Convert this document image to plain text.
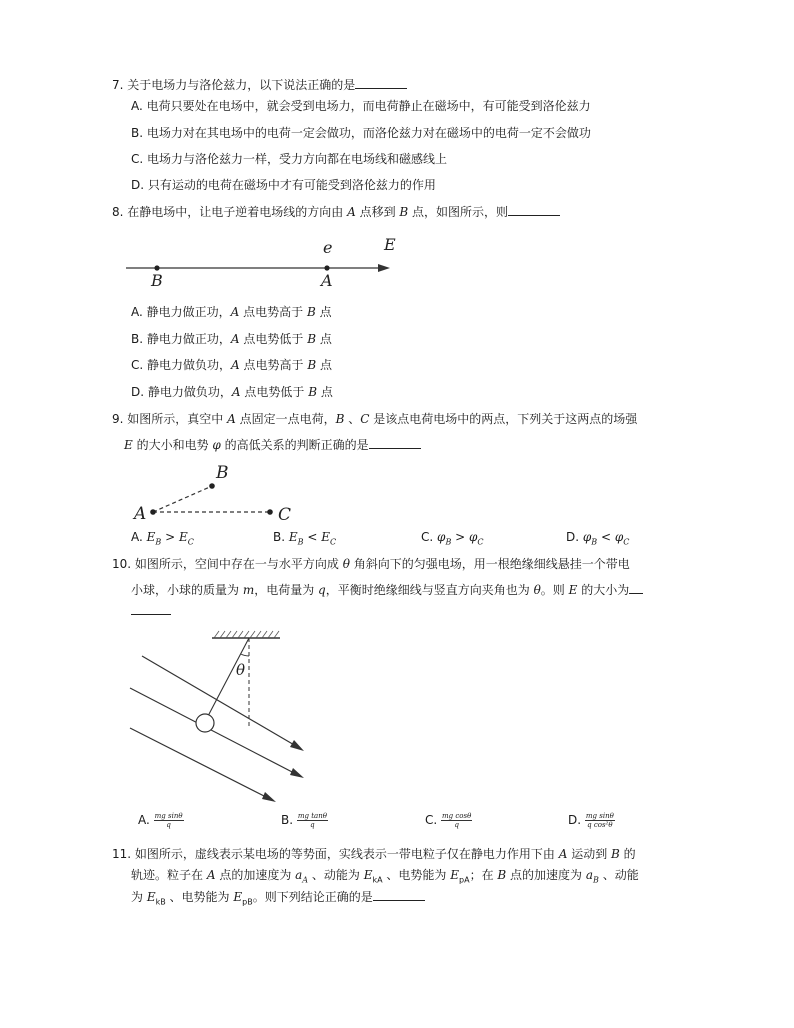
7. 关于电场力与洛伦兹力，以下说法正确的是
A. 电荷只要处在电场中，就会受到电场力，而电荷静止在磁场中，有可能受到洛伦兹力
B. 电场力对在其电场中的电荷一定会做功，而洛伦兹力对在磁场中的电荷一定不会做功
C. 电场力与洛伦兹力一样，受力方向都在电场线和磁感线上
D. 只有运动的电荷在磁场中才有可能受到洛伦兹力的作用
8. 在静电场中，让电子逆着电场线的方向由 A 点移到 B 点，如图所示，则
B	A
e	E
A. 静电力做正功，A 点电势高于 B 点
B. 静电力做正功，A 点电势低于 B 点
C. 静电力做负功，A 点电势高于 B 点
D. 静电力做负功，A 点电势低于 B 点
9. 如图所示，真空中 A 点固定一点电荷，B 、C 是该点电荷电场中的两点，下列关于这两点的场强
E 的大小和电势 φ 的高低关系的判断正确的是
A
B
C
A. $E_B > E_C$	B. $E_B < E_C$	C. $\varphi_B > \varphi_C$	D. $\varphi_B < \varphi_C$
10. 如图所示，空间中存在一与水平方向成 θ 角斜向下的匀强电场，用一根绝缘细线悬挂一个带电
小球，小球的质量为 m，电荷量为 q，平衡时绝缘细线与竖直方向夹角也为 θ。则 E 的大小为
θ
A. $\frac{\text{mg sinθ}}{q}$	B. $\frac{\text{mg tanθ}}{q}$	C. $\frac{\text{mg cosθ}}{q}$	D. $\frac{\text{mg sinθ}}{\text{q cos²θ}}$
11. 如图所示，虚线表示某电场的等势面，实线表示一带电粒子仅在静电力作用下由 A 运动到 B 的
轨迹。粒子在 A 点的加速度为 $a_A$ 、动能为 $E_{kA}$ 、电势能为 $E_{pA}$；在 B 点的加速度为 $a_B$ 、动能
为 $E_{kB}$ 、电势能为 $E_{pB}$。则下列结论正确的是
